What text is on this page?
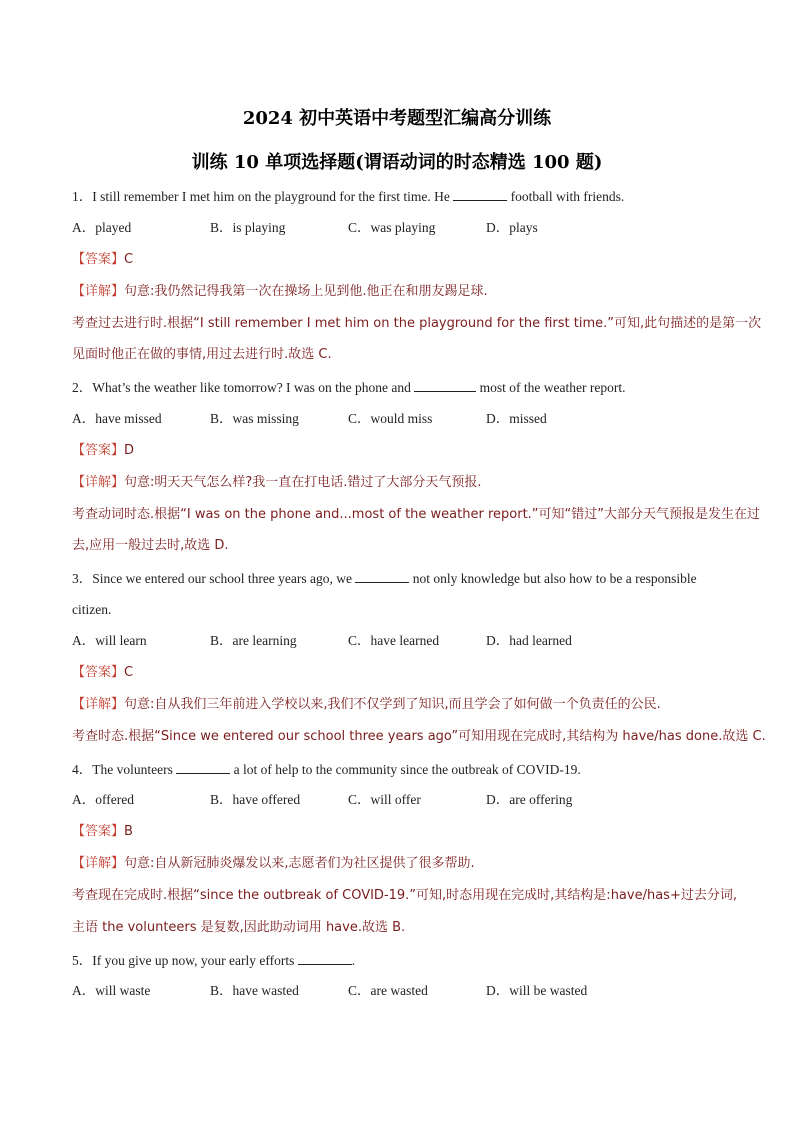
2024 初中英语中考题型汇编高分训练
训练 10 单项选择题(谓语动词的时态精选 100 题)
1．I still remember I met him on the playground for the first time. He	football with friends.
A．played	B．is playing	C．was playing	D．plays
【答案】C
【详解】句意:我仍然记得我第一次在操场上见到他.他正在和朋友踢足球.
考查过去进行时.根据“I still remember I met him on the playground for the first time.”可知,此句描述的是第一次
见面时他正在做的事情,用过去进行时.故选 C.
2．What’s the weather like tomorrow? I was on the phone and	most of the weather report.
A．have missed	B．was missing	C．would miss	D．missed
【答案】D
【详解】句意:明天天气怎么样?我一直在打电话.错过了大部分天气预报.
考查动词时态.根据“I was on the phone and...most of the weather report.”可知“错过”大部分天气预报是发生在过
去,应用一般过去时,故选 D.
3．Since we entered our school three years ago, we	not only knowledge but also how to be a responsible
citizen.
A．will learn	B．are learning	C．have learned	D．had learned
【答案】C
【详解】句意:自从我们三年前进入学校以来,我们不仅学到了知识,而且学会了如何做一个负责任的公民.
考查时态.根据“Since we entered our school three years ago”可知用现在完成时,其结构为 have/has done.故选 C.
4．The volunteers	a lot of help to the community since the outbreak of COVID-19.
A．offered	B．have offered	C．will offer	D．are offering
【答案】B
【详解】句意:自从新冠肺炎爆发以来,志愿者们为社区提供了很多帮助.
考查现在完成时.根据“since the outbreak of COVID-19.”可知,时态用现在完成时,其结构是:have/has+过去分词,
主语 the volunteers 是复数,因此助动词用 have.故选 B.
5．If you give up now, your early efforts	.
A．will waste	B．have wasted	C．are wasted	D．will be wasted
